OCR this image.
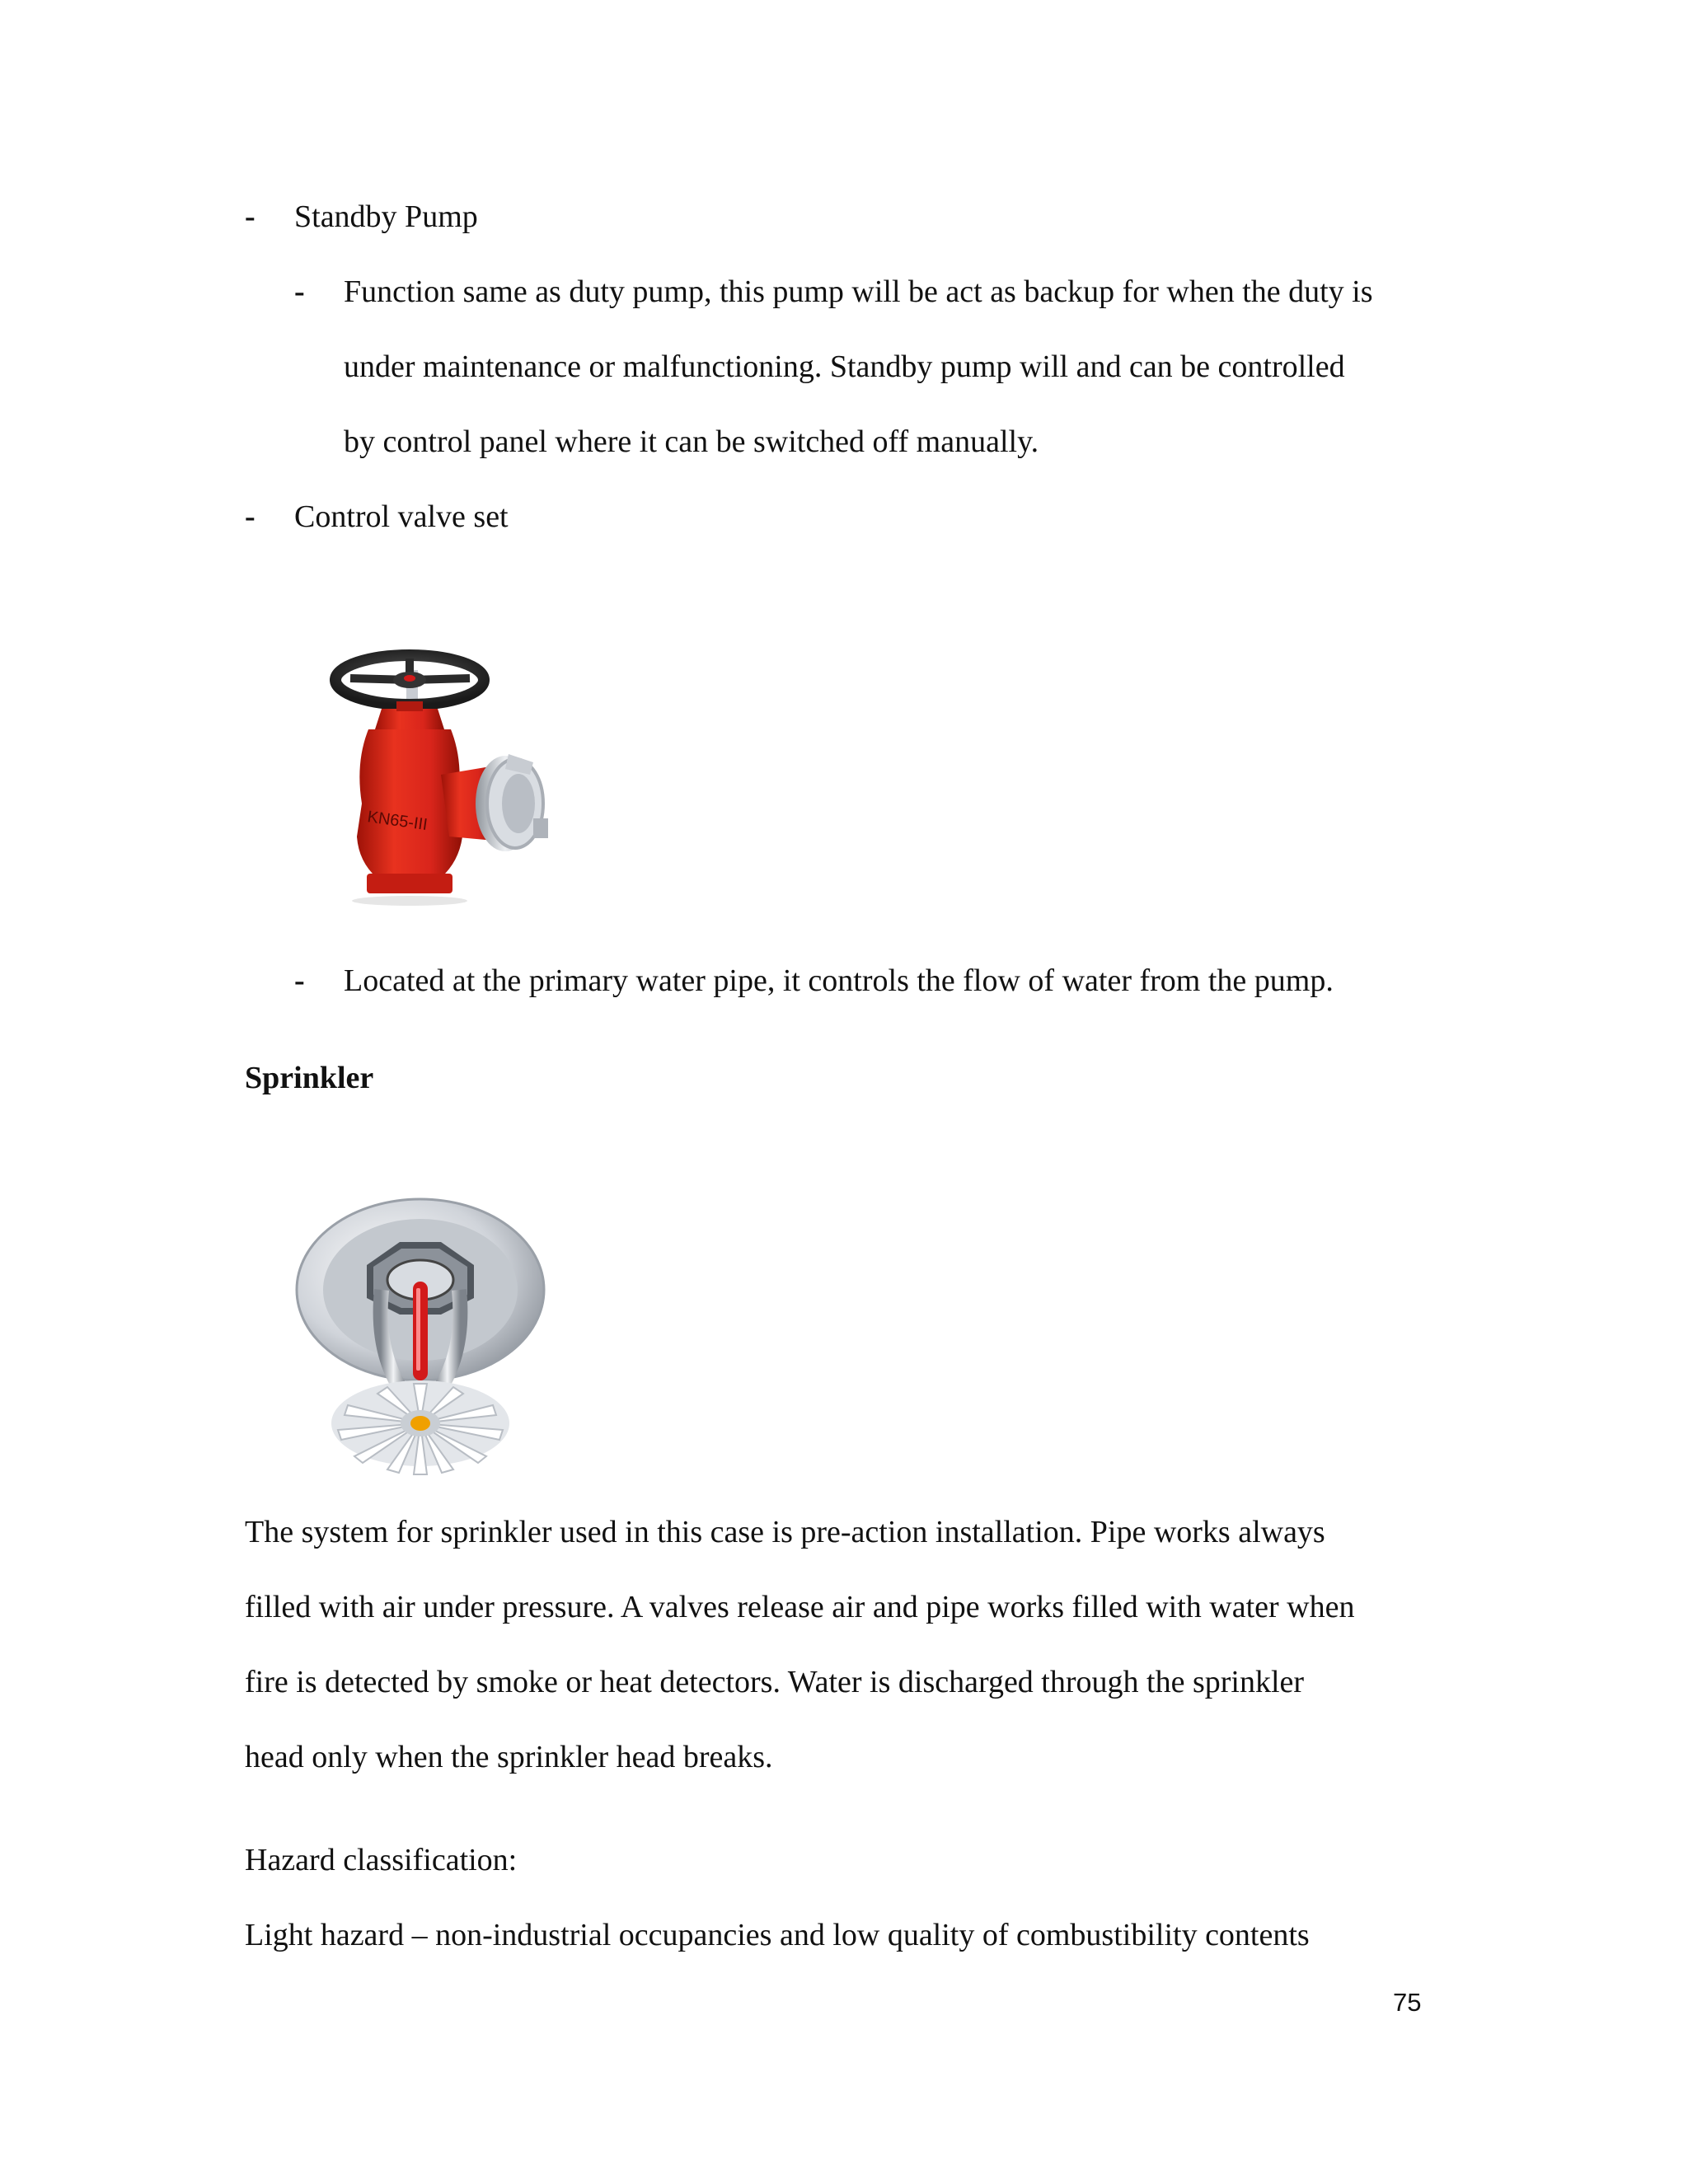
- Standby Pump
- Function same as duty pump, this pump will be act as backup for when the duty is
under maintenance or malfunctioning. Standby pump will and can be controlled
by control panel where it can be switched off manually.
- Control valve set
KN65-III
- Located at the primary water pipe, it controls the flow of water from the pump.
Sprinkler
The system for sprinkler used in this case is pre-action installation. Pipe works always
filled with air under pressure. A valves release air and pipe works filled with water when
fire is detected by smoke or heat detectors. Water is discharged through the sprinkler
head only when the sprinkler head breaks.
Hazard classification:
Light hazard – non-industrial occupancies and low quality of combustibility contents
75
